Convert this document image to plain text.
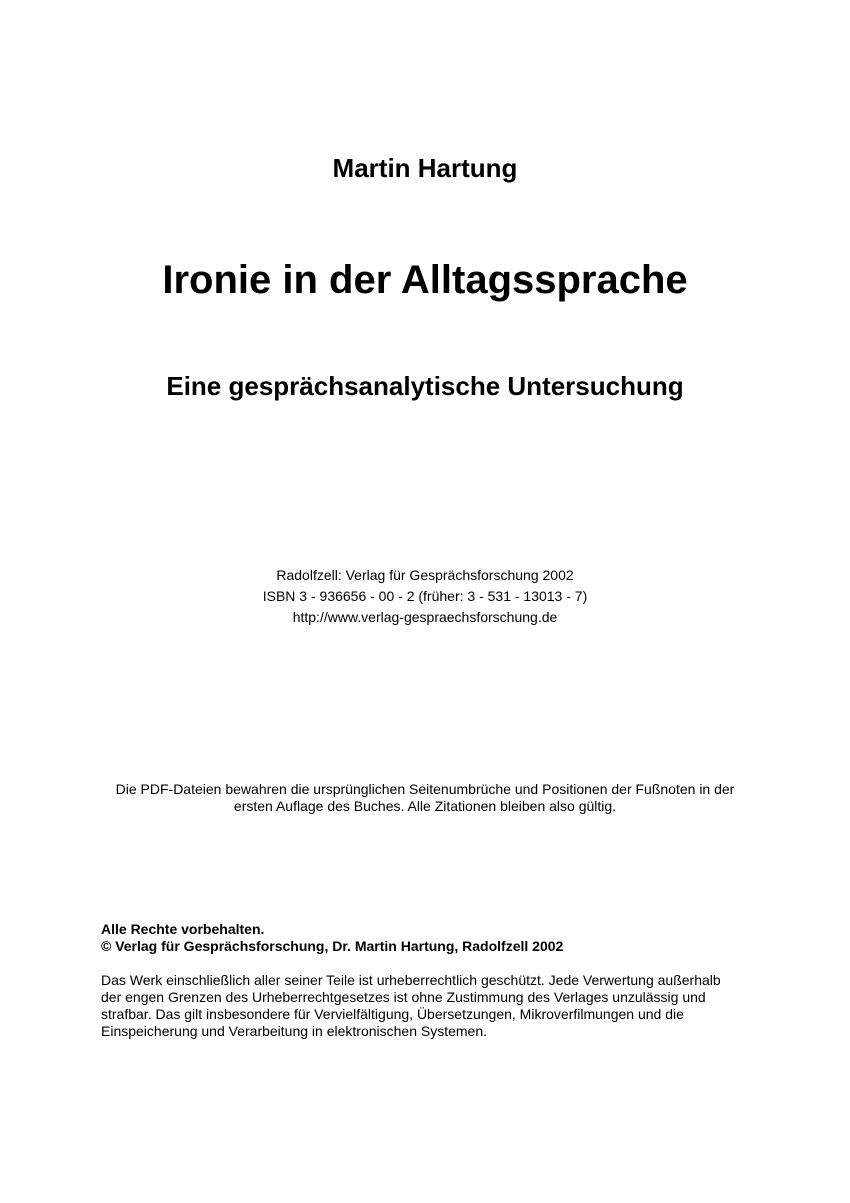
Martin Hartung
Ironie in der Alltagssprache
Eine gesprächsanalytische Untersuchung
Radolfzell: Verlag für Gesprächsforschung 2002
ISBN 3 - 936656 - 00 - 2 (früher: 3 - 531 - 13013 - 7)
http://www.verlag-gespraechsforschung.de
Die PDF-Dateien bewahren die ursprünglichen Seitenumbrüche und Positionen der Fußnoten in der
ersten Auflage des Buches. Alle Zitationen bleiben also gültig.
Alle Rechte vorbehalten.
© Verlag für Gesprächsforschung, Dr. Martin Hartung, Radolfzell 2002
Das Werk einschließlich aller seiner Teile ist urheberrechtlich geschützt. Jede Verwertung außerhalb
der engen Grenzen des Urheberrechtgesetzes ist ohne Zustimmung des Verlages unzulässig und
strafbar. Das gilt insbesondere für Vervielfältigung, Übersetzungen, Mikroverfilmungen und die
Einspeicherung und Verarbeitung in elektronischen Systemen.
